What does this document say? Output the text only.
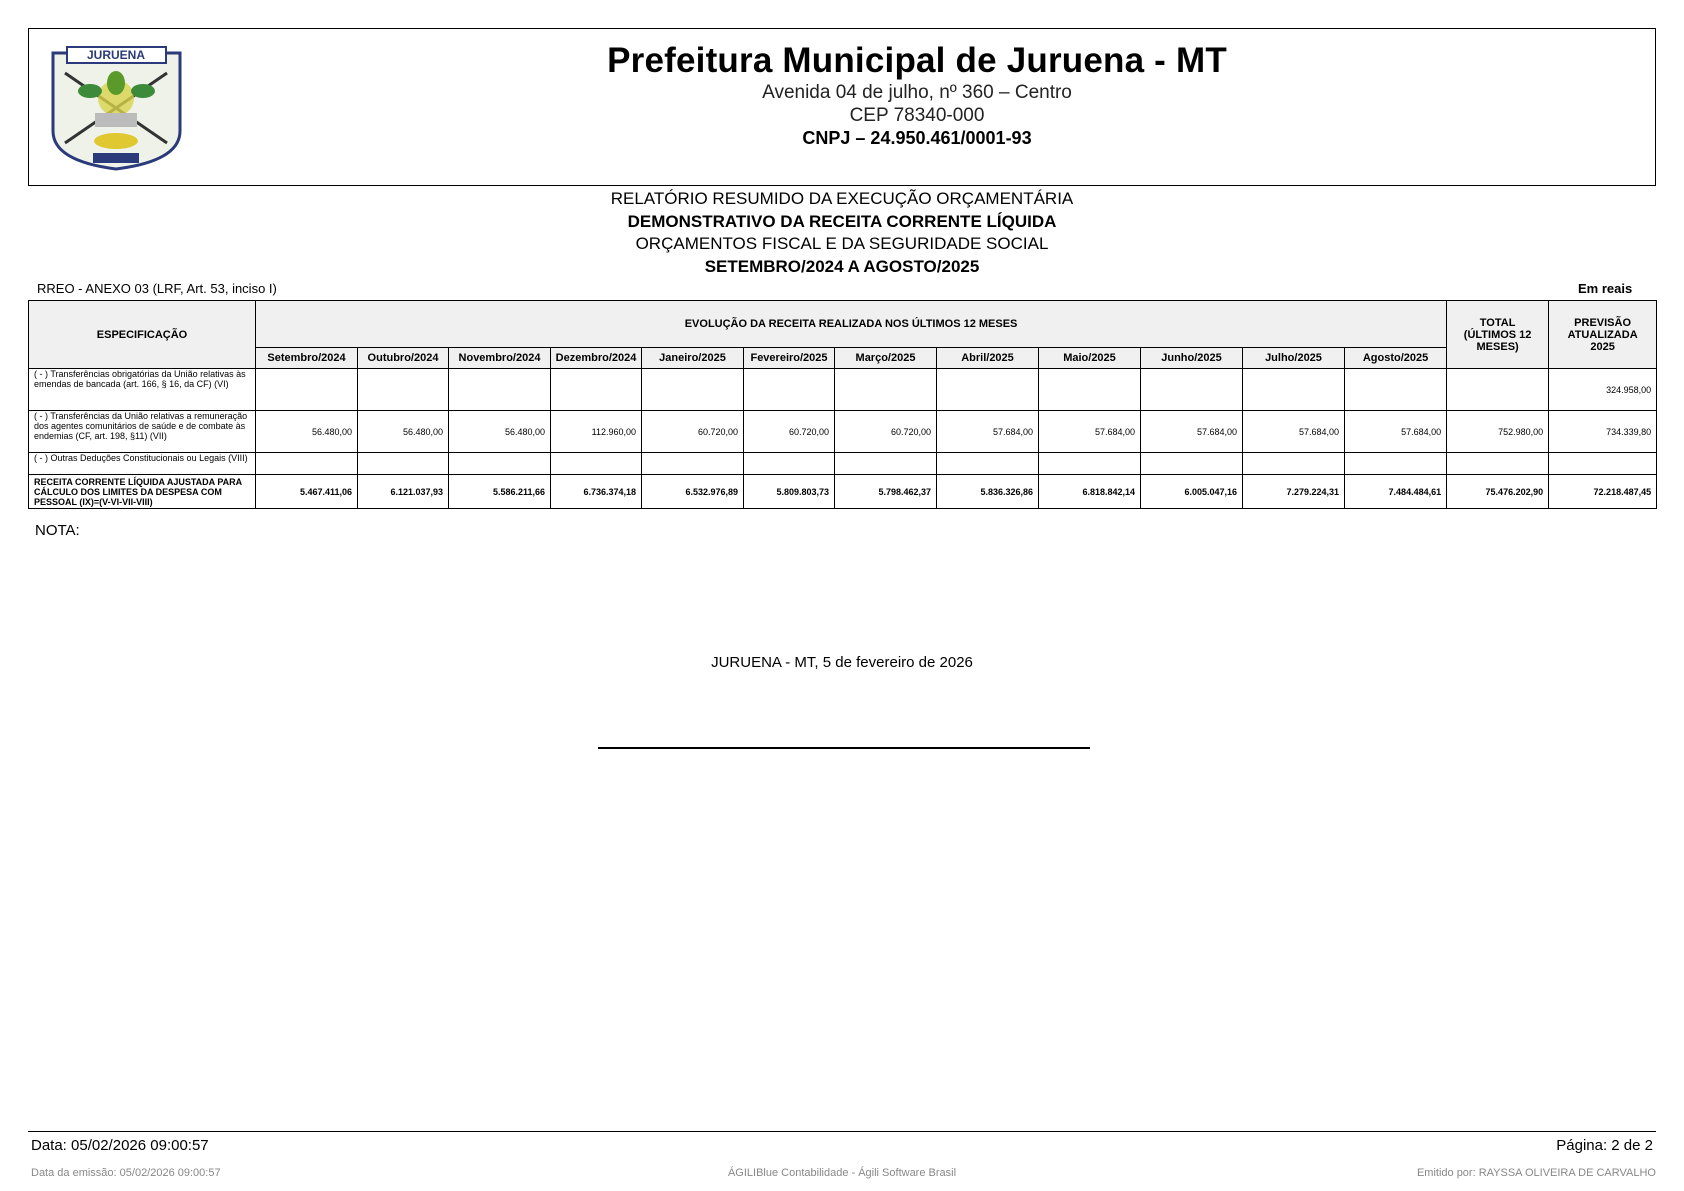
JURUENA	Prefeitura Municipal de Juruena - MT
Avenida 04 de julho, nº 360 – Centro
CEP 78340-000
CNPJ – 24.950.461/0001-93
RELATÓRIO RESUMIDO DA EXECUÇÃO ORÇAMENTÁRIA
DEMONSTRATIVO DA RECEITA CORRENTE LÍQUIDA
ORÇAMENTOS FISCAL E DA SEGURIDADE SOCIAL
SETEMBRO/2024 A AGOSTO/2025
RREO - ANEXO 03 (LRF, Art. 53, inciso I)	Em reais
ESPECIFICAÇÃO	EVOLUÇÃO DA RECEITA REALIZADA NOS ÚLTIMOS 12 MESES												TOTAL (ÚLTIMOS 12 MESES)	PREVISÃO ATUALIZADA 2025
	Setembro/2024	Outubro/2024	Novembro/2024	Dezembro/2024	Janeiro/2025	Fevereiro/2025	Março/2025	Abril/2025	Maio/2025	Junho/2025	Julho/2025	Agosto/2025		
( - ) Transferências obrigatórias da União relativas às emendas de bancada (art. 166, § 16, da CF) (VI)														324.958,00
( - ) Transferências da União relativas a remuneração dos agentes comunitários de saúde e de combate às endemias (CF, art. 198, §11) (VII)	56.480,00	56.480,00	56.480,00	112.960,00	60.720,00	60.720,00	60.720,00	57.684,00	57.684,00	57.684,00	57.684,00	57.684,00	752.980,00	734.339,80
( - ) Outras Deduções Constitucionais ou Legais (VIII)														
RECEITA CORRENTE LÍQUIDA AJUSTADA PARA CÁLCULO DOS LIMITES DA DESPESA COM PESSOAL (IX)=(V-VI-VII-VIII)	5.467.411,06	6.121.037,93	5.586.211,66	6.736.374,18	6.532.976,89	5.809.803,73	5.798.462,37	5.836.326,86	6.818.842,14	6.005.047,16	7.279.224,31	7.484.484,61	75.476.202,90	72.218.487,45
NOTA:
JURUENA - MT, 5 de fevereiro de 2026
Data: 05/02/2026 09:00:57	Página: 2 de 2
Data da emissão: 05/02/2026 09:00:57	ÁGILIBlue Contabilidade - Ágili Software Brasil	Emitido por: RAYSSA OLIVEIRA DE CARVALHO
